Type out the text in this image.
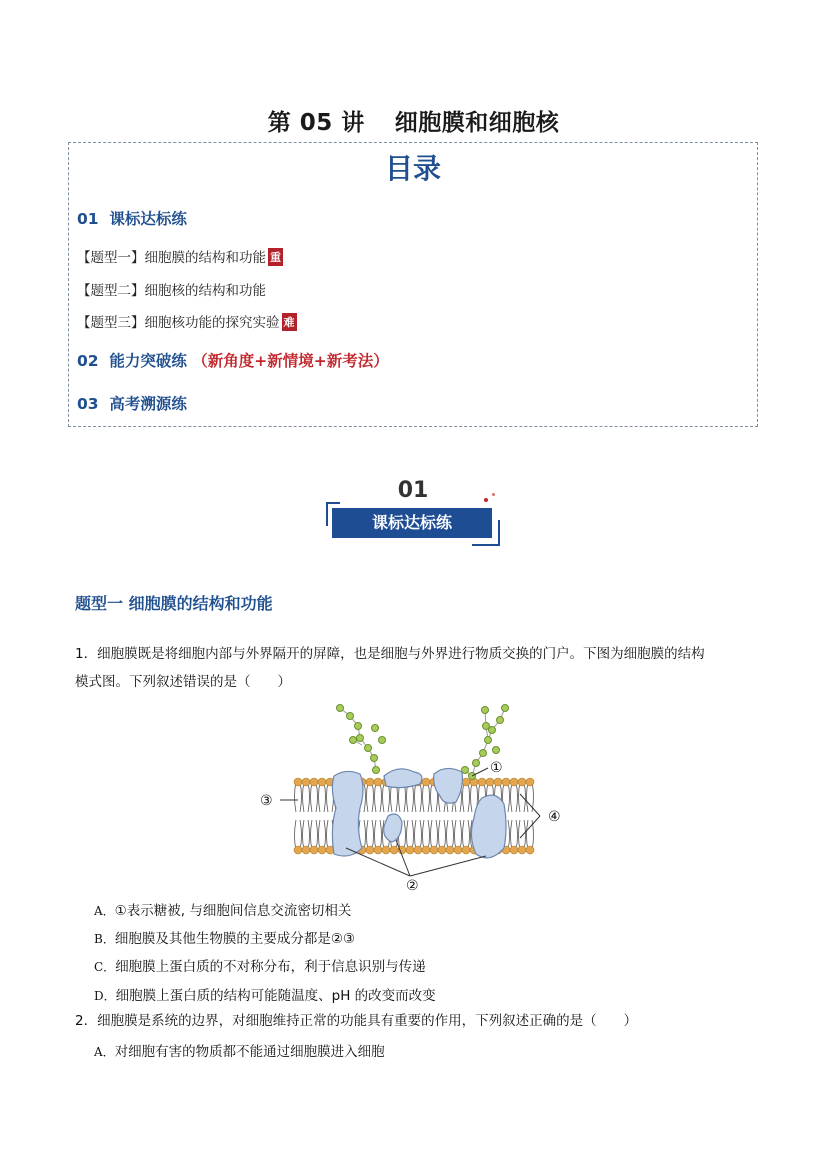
第 05 讲 细胞膜和细胞核
目录
01 课标达标练
【题型一】细胞膜的结构和功能 重
【题型二】细胞核的结构和功能
【题型三】细胞核功能的探究实验 难
02 能力突破练 （新角度+新情境+新考法）
03 高考溯源练
01
课标达标练
题型一 细胞膜的结构和功能
1．细胞膜既是将细胞内部与外界隔开的屏障，也是细胞与外界进行物质交换的门户。下图为细胞膜的结构
模式图。下列叙述错误的是（　　）
①
③
④
②
A．①表示糖被, 与细胞间信息交流密切相关
B．细胞膜及其他生物膜的主要成分都是②③
C．细胞膜上蛋白质的不对称分布，利于信息识别与传递
D．细胞膜上蛋白质的结构可能随温度、pH 的改变而改变
2．细胞膜是系统的边界，对细胞维持正常的功能具有重要的作用，下列叙述正确的是（　　）
A．对细胞有害的物质都不能通过细胞膜进入细胞
